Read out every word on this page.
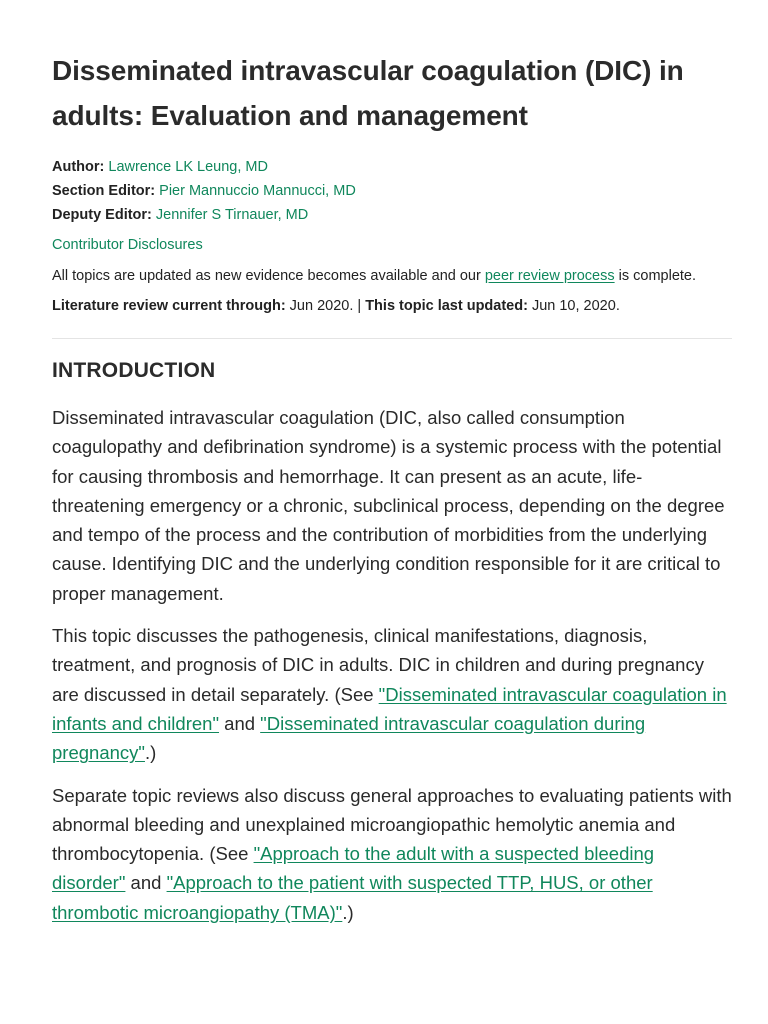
Disseminated intravascular coagulation (DIC) in adults: Evaluation and management
Author: Lawrence LK Leung, MD
Section Editor: Pier Mannuccio Mannucci, MD
Deputy Editor: Jennifer S Tirnauer, MD
Contributor Disclosures
All topics are updated as new evidence becomes available and our peer review process is complete.
Literature review current through: Jun 2020. | This topic last updated: Jun 10, 2020.
INTRODUCTION

Disseminated intravascular coagulation (DIC, also called consumption coagulopathy and defibrination syndrome) is a systemic process with the potential for causing thrombosis and hemorrhage. It can present as an acute, life-threatening emergency or a chronic, subclinical process, depending on the degree and tempo of the process and the contribution of morbidities from the underlying cause. Identifying DIC and the underlying condition responsible for it are critical to proper management.

This topic discusses the pathogenesis, clinical manifestations, diagnosis, treatment, and prognosis of DIC in adults. DIC in children and during pregnancy are discussed in detail separately. (See "Disseminated intravascular coagulation in infants and children" and "Disseminated intravascular coagulation during pregnancy".)

Separate topic reviews also discuss general approaches to evaluating patients with abnormal bleeding and unexplained microangiopathic hemolytic anemia and thrombocytopenia. (See "Approach to the adult with a suspected bleeding disorder" and "Approach to the patient with suspected TTP, HUS, or other thrombotic microangiopathy (TMA)".)
